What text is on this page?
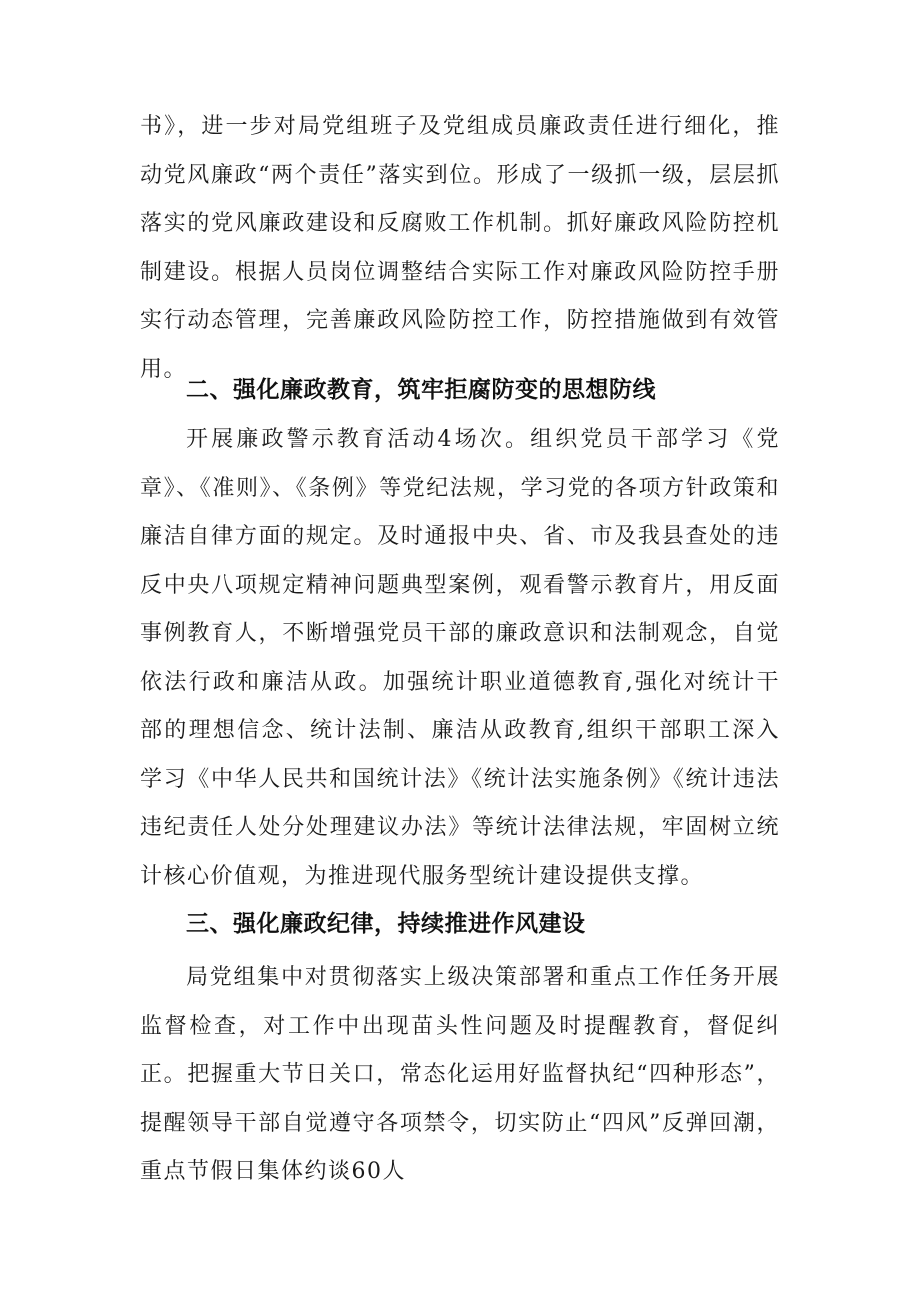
书》，进一步对局党组班子及党组成员廉政责任进行细化，推动党风廉政“两个责任”落实到位。形成了一级抓一级，层层抓落实的党风廉政建设和反腐败工作机制。抓好廉政风险防控机制建设。根据人员岗位调整结合实际工作对廉政风险防控手册实行动态管理，完善廉政风险防控工作，防控措施做到有效管用。

二、强化廉政教育，筑牢拒腐防变的思想防线

开展廉政警示教育活动4场次。组织党员干部学习《党章》、《准则》、《条例》等党纪法规，学习党的各项方针政策和廉洁自律方面的规定。及时通报中央、省、市及我县查处的违反中央八项规定精神问题典型案例，观看警示教育片，用反面事例教育人，不断增强党员干部的廉政意识和法制观念，自觉依法行政和廉洁从政。加强统计职业道德教育,强化对统计干部的理想信念、统计法制、廉洁从政教育,组织干部职工深入学习《中华人民共和国统计法》《统计法实施条例》《统计违法违纪责任人处分处理建议办法》等统计法律法规，牢固树立统计核心价值观，为推进现代服务型统计建设提供支撑。

三、强化廉政纪律，持续推进作风建设

局党组集中对贯彻落实上级决策部署和重点工作任务开展监督检查，对工作中出现苗头性问题及时提醒教育，督促纠正。把握重大节日关口，常态化运用好监督执纪“四种形态”，提醒领导干部自觉遵守各项禁令，切实防止“四风”反弹回潮，重点节假日集体约谈60人
